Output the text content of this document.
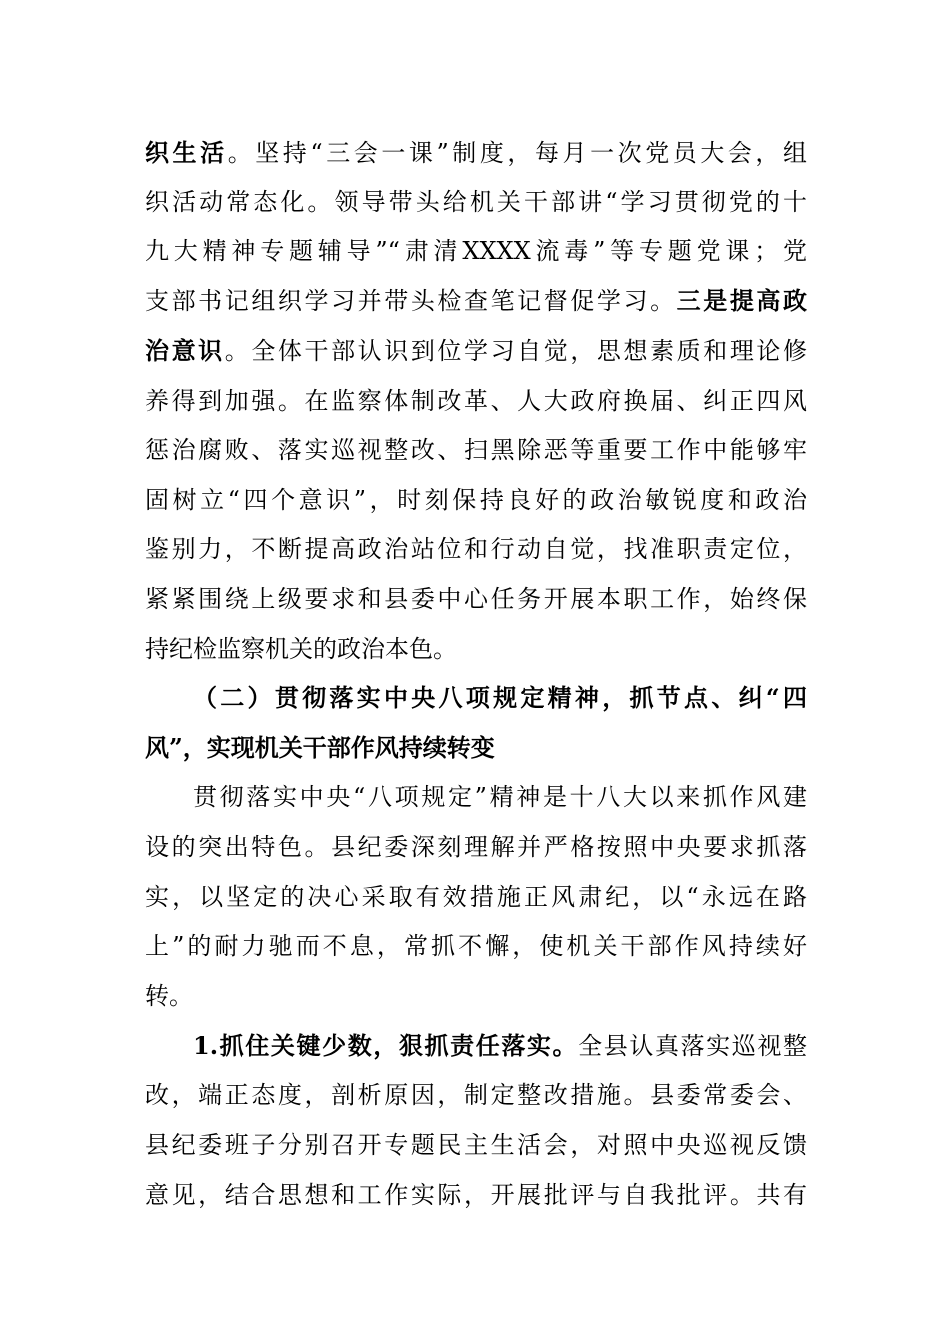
织生活。坚持“三会一课”制度，每月一次党员大会，组
织活动常态化。领导带头给机关干部讲“学习贯彻党的十
九大精神专题辅导”“肃清XXXX流毒”等专题党课；党
支部书记组织学习并带头检查笔记督促学习。三是提高政
治意识。全体干部认识到位学习自觉，思想素质和理论修
养得到加强。在监察体制改革、人大政府换届、纠正四风
惩治腐败、落实巡视整改、扫黑除恶等重要工作中能够牢
固树立“四个意识”，时刻保持良好的政治敏锐度和政治
鉴别力，不断提高政治站位和行动自觉，找准职责定位，
紧紧围绕上级要求和县委中心任务开展本职工作，始终保
持纪检监察机关的政治本色。
（二）贯彻落实中央八项规定精神，抓节点、纠“四
风”，实现机关干部作风持续转变
贯彻落实中央“八项规定”精神是十八大以来抓作风建
设的突出特色。县纪委深刻理解并严格按照中央要求抓落
实，以坚定的决心采取有效措施正风肃纪，以“永远在路
上”的耐力驰而不息，常抓不懈，使机关干部作风持续好
转。
1.抓住关键少数，狠抓责任落实。全县认真落实巡视整
改，端正态度，剖析原因，制定整改措施。县委常委会、
县纪委班子分别召开专题民主生活会，对照中央巡视反馈
意见，结合思想和工作实际，开展批评与自我批评。共有
